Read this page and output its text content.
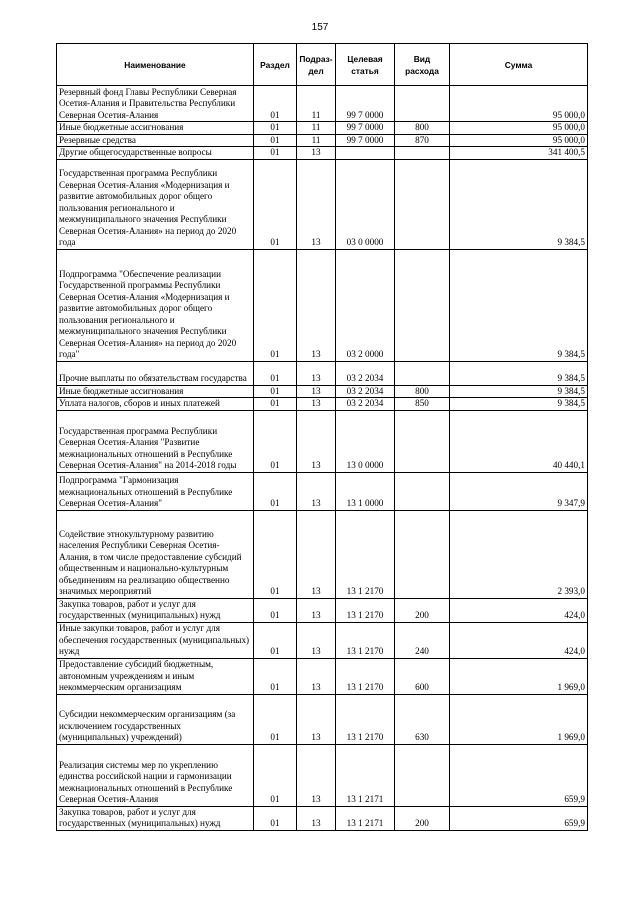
157
Наименование	Раздел	Подраз-дел	Целевая статья	Вид расхода	Сумма
Резервный фонд Главы Республики Северная Осетия-Алания и Правительства Республики Северная Осетия-Алания	01	11	99 7 0000		95 000,0
Иные бюджетные ассигнования	01	11	99 7 0000	800	95 000,0
Резервные средства	01	11	99 7 0000	870	95 000,0
Другие общегосударственные вопросы	01	13			341 400,5
Государственная программа Республики Северная Осетия-Алания «Модернизация и развитие автомобильных дорог общего пользования регионального и межмуниципального значения Республики Северная Осетия-Алания» на период до 2020 года	01	13	03 0 0000		9 384,5
Подпрограмма "Обеспечение реализации Государственной программы Республики Северная Осетия-Алания «Модернизация и развитие автомобильных дорог общего пользования регионального и межмуниципального значения Республики Северная Осетия-Алания» на период до 2020 года"	01	13	03 2 0000		9 384,5
Прочие выплаты по обязательствам государства	01	13	03 2 2034		9 384,5
Иные бюджетные ассигнования	01	13	03 2 2034	800	9 384,5
Уплата налогов, сборов и иных платежей	01	13	03 2 2034	850	9 384,5
Государственная программа Республики Северная Осетия-Алания "Развитие межнациональных отношений в Республике Северная Осетия-Алания" на 2014-2018 годы	01	13	13 0 0000		40 440,1
Подпрограмма "Гармонизация межнациональных отношений в Республике Северная Осетия-Алания"	01	13	13 1 0000		9 347,9
Содействие этнокультурному развитию населения Республики Северная Осетия-Алания, в том числе предоставление субсидий общественным и национально-культурным объединениям на реализацию общественно значимых мероприятий	01	13	13 1 2170		2 393,0
Закупка товаров, работ и услуг для государственных (муниципальных) нужд	01	13	13 1 2170	200	424,0
Иные закупки товаров, работ и услуг для обеспечения государственных (муниципальных) нужд	01	13	13 1 2170	240	424,0
Предоставление субсидий бюджетным, автономным учреждениям и иным некоммерческим организациям	01	13	13 1 2170	600	1 969,0
Субсидии некоммерческим организациям (за исключением государственных (муниципальных) учреждений)	01	13	13 1 2170	630	1 969,0
Реализация системы мер по укреплению единства российской нации и гармонизации межнациональных отношений в Республике Северная Осетия-Алания	01	13	13 1 2171		659,9
Закупка товаров, работ и услуг для государственных (муниципальных) нужд	01	13	13 1 2171	200	659,9
